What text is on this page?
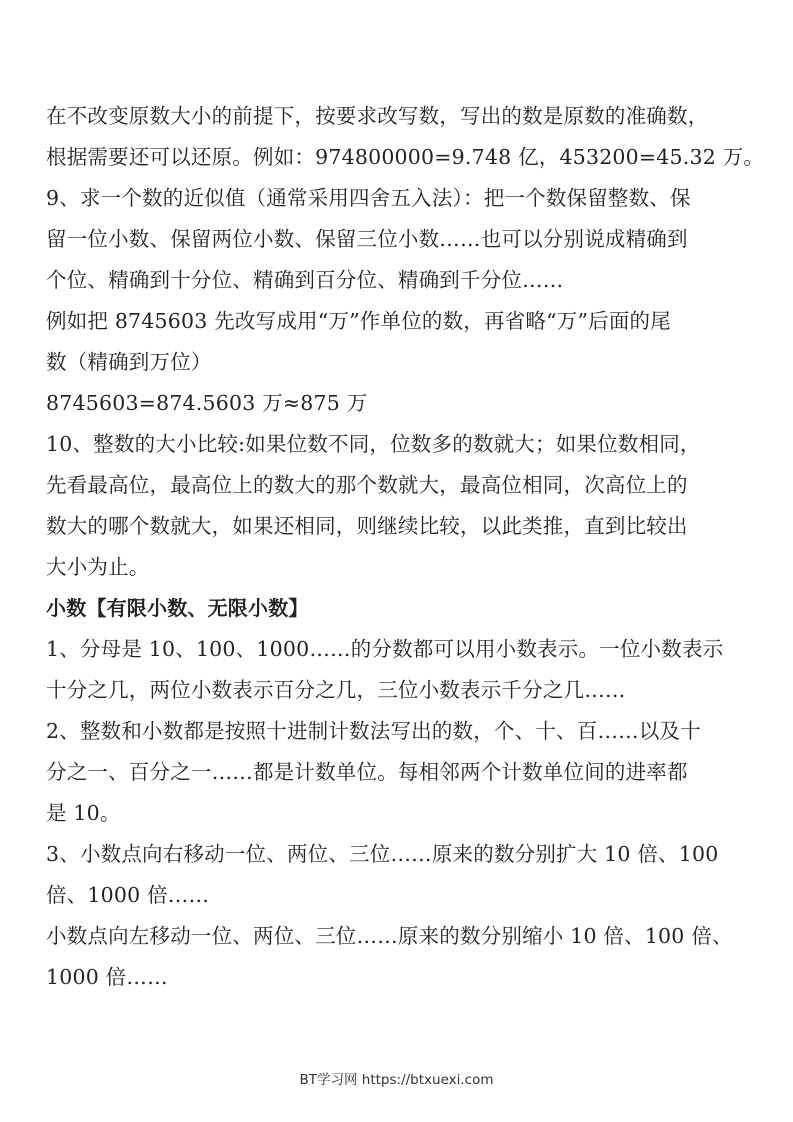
在不改变原数大小的前提下，按要求改写数，写出的数是原数的准确数，
根据需要还可以还原。例如：974800000=9.748 亿，453200=45.32 万。
9、求一个数的近似值（通常采用四舍五入法）：把一个数保留整数、保
留一位小数、保留两位小数、保留三位小数……也可以分别说成精确到
个位、精确到十分位、精确到百分位、精确到千分位……
例如把 8745603 先改写成用“万”作单位的数，再省略“万”后面的尾
数（精确到万位）
8745603=874.5603 万≈875 万
10、整数的大小比较:如果位数不同，位数多的数就大；如果位数相同，
先看最高位，最高位上的数大的那个数就大，最高位相同，次高位上的
数大的哪个数就大，如果还相同，则继续比较，以此类推，直到比较出
大小为止。
小数【有限小数、无限小数】
1、分母是 10、100、1000……的分数都可以用小数表示。一位小数表示
十分之几，两位小数表示百分之几，三位小数表示千分之几……
2、整数和小数都是按照十进制计数法写出的数，个、十、百……以及十
分之一、百分之一……都是计数单位。每相邻两个计数单位间的进率都
是 10。
3、小数点向右移动一位、两位、三位……原来的数分别扩大 10 倍、100
倍、1000 倍……
小数点向左移动一位、两位、三位……原来的数分别缩小 10 倍、100 倍、
1000 倍……
BT学习网 https://btxuexi.com
